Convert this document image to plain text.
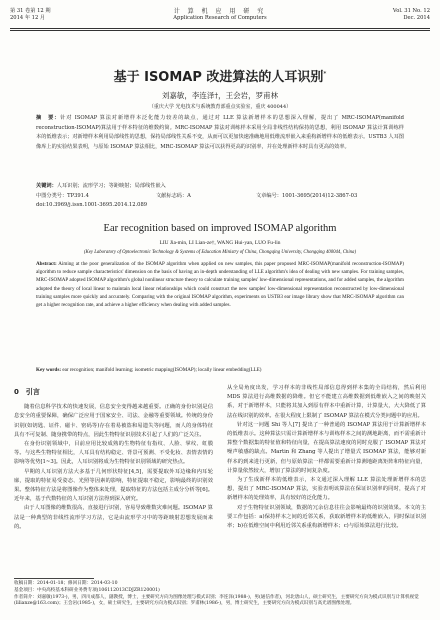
第 31 卷第 12 期
2014 年 12 月
计 算 机 应 用 研 究
Application Research of Computers
Vol. 31 No. 12
Dec. 2014
基于 ISOMAP 改进算法的人耳识别*
刘嘉敏，李连泽†，王会岩，罗甫林
（重庆大学 光电技术与系统教育部重点实验室，重庆 400044）
摘　要：针对 ISOMAP 算法对新增样本泛化能力较差的缺点，通过对 LLE 算法新增样本的思想深入理解，提出了 MRC-ISOMAP(manifold reconstruction-ISOMAP)算法用于样本特征的维数约简。MRC-ISOMAP 算法对训练样本采用全局非线性结构保持的思想，利用 ISOMAP 算法计算训练样本的低维表示；对新增样本利用局部线性的思想，保持局部线性关系不变，从而可以更加快速准确地用低维流形嵌入来重构新增样本的低维表示。USTB3 人耳图像库上的实验结果表明，与原始 ISOMAP 算法相比，MRC-ISOMAP 算法可以获得更高的识别率，并在处理新样本时具有更高的效率。
关键词：人耳识别；流形学习；等距映射；局部线性嵌入
中图分类号：TP391.4	文献标志码：A	文章编号：1001-3695(2014)12-3867-03
doi:10.3969/j.issn.1001-3695.2014.12.089
Ear recognition based on improved ISOMAP algorithm
LIU Jia-min, LI Lian-ze†, WANG Hui-yan, LUO Fu-lin
(Key Laboratory of Optoelectronic Technology & Systems of Education Ministry of China, Chongqing University, Chongqing 400044, China)
Abstract: Aiming at the poor generalization of the ISOMAP algorithm when applied on new samples, this paper proposed MRC-ISOMAP(manifold reconstruction-ISOMAP) algorithm to reduce sample characteristics' dimension on the basis of having an in-depth understanding of LLE algorithm's idea of dealing with new samples. For training samples, MRC-ISOMAP adopted ISOMAP algorithm's global nonlinear structure theory to calculate training samples' low-dimensional representations, and for added samples, the algorithm adopted the theory of local linear to maintain local linear relationships which could construct the new samples' low-dimensional representation reconstructed by low-dimensional training samples more quickly and accurately. Comparing with the original ISOMAP algorithm, experiments on USTB3 ear image library show that MRC-ISOMAP algorithm can get a higher recognition rate, and achieve a higher efficiency when dealing with added samples.
Key words: ear recognition; manifold learning; isometric mapping(ISOMAP); locally linear embedding(LLE)
0　引言

随着信息科学技术的快速发展，信息安全变得越来越重要。正确的身份识别是信息安全的重要保障，确保广泛应用于国家安全、司法、金融等重要领域。传统的身份识别(如钥匙、证件、磁卡、密码等)存在着易被盗和易遗失等问题，而人的身体特征具有不可复制、随身携带的特点，因此生物特征识别技术引起了人们的广泛关注。

在身份识别领域中，目前应用比较成熟的生物特征有指纹、人脸、掌纹、虹膜等。与这些生物特征相比，人耳具有结构稳定、背景可预测、不受化妆、表情表情的影响等优势[1~3]。因此，人耳识别将成为生物特征识别领域的研究热点。

早期的人耳识别方法大多基于几何形状特征[4,5]，需要提取外耳边缘和内耳轮廓，提取的特征易受姿态、光照等因素的影响，特征提取不稳定，影响最终的识别效果。整体特征方法是将图像作为整体来处理，提取特征的方法包括主成分分析等[6]。近年来，基于代数特征的人耳识别方法得到深入研究。

由于人耳图像的维数很高，直接进行识别，容易导致维数灾难问题。ISOMAP 算法是一种典型的非线性流形学习方法，它是由流形学习中的等距映射思想发展而来的。

从全局角度出发，学习样本的非线性局部信息得到样本集的全局结构，然后利用 MDS 算法进行高维数据的降维。但它不能建立高维数据到低维嵌入之间的映射关系，对于新增样本，只能将其加入到原有样本中重新计算，计算量大，大大降低了算法在线识别的效率。在很大程度上限制了 ISOMAP 算法在模式分类问题中的应用。

针对这一问题 Shi 等人[7] 提出了一种普通的 ISOMAP 算法用于计算新增样本的低维表示。这种算法只需计算新增样本与训练样本之间的测地距离，而不需重新计算整个数据集的特征值和特征向量，在提高算法速度的同时克服了 ISOMAP 算法对噪声敏感的缺点。Martin 和 Zhang 等人提出了增量式 ISOMAP 算法，能够对新样本的到来进行更新，但与原始算法一样都需要重新计算测地距离矩阵和特征向量，计算量依然较大，增加了算法的时间复杂度。

为了生成新样本的低维表示，本文通过深入理解 LLE 算法处理新增样本的思想，提出了 MRC-ISOMAP 算法，实验表明该算法在保证识别率的同时，提高了对新增样本的处理效率，具有较好的泛化能力。

对于生物特征识别领域，数据的冗余信息往往会影响最终的识别效果。本文的主要工作包括：a)保持样本之间的近邻关系，获取新增样本的低维嵌入，同时保证识别率；b)在低维空间中利用近邻关系重构新增样本；c)与原始算法进行比较。

收稿日期：2014-01-18；修回日期：2014-03-10
基金项目：中央高校基本科研业务费专项(106112013CDJZR120001)
作者简介：刘嘉敏(1973-)，男，四川成都人，副教授，博士，主要研究方向为图像处理与模式识别；李连泽(1988-)，男(通信作者)，河北唐山人，硕士研究生，主要研究方向为模式识别与计算机视觉(lilianze@163.com)；王会岩(1985-)，女，硕士研究生，主要研究方向为模式识别；罗甫林(1986-)，男，博士研究生，主要研究方向为模式识别与高光谱图像处理。
